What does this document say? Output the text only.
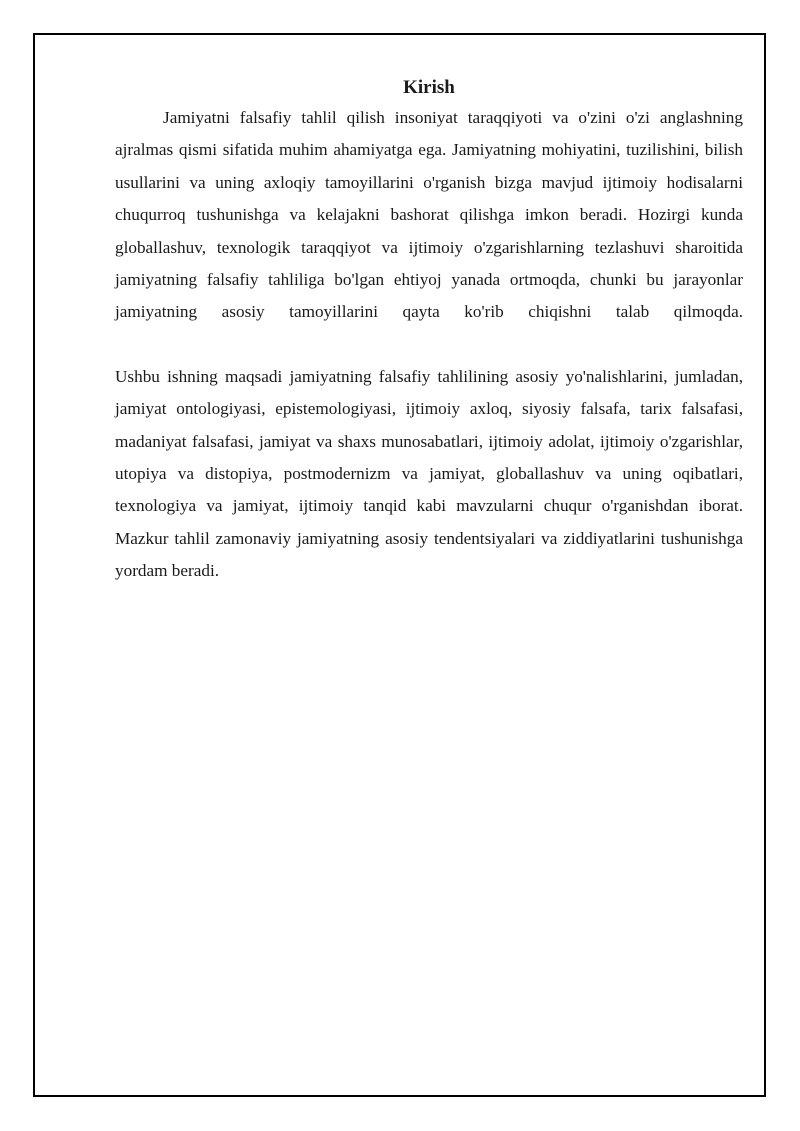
Kirish

Jamiyatni falsafiy tahlil qilish insoniyat taraqqiyoti va o'zini o'zi anglashning ajralmas qismi sifatida muhim ahamiyatga ega. Jamiyatning mohiyatini, tuzilishini, bilish usullarini va uning axloqiy tamoyillarini o'rganish bizga mavjud ijtimoiy hodisalarni chuqurroq tushunishga va kelajakni bashorat qilishga imkon beradi. Hozirgi kunda globallashuv, texnologik taraqqiyot va ijtimoiy o'zgarishlarning tezlashuvi sharoitida jamiyatning falsafiy tahliliga bo'lgan ehtiyoj yanada ortmoqda, chunki bu jarayonlar jamiyatning asosiy tamoyillarini qayta ko'rib chiqishni talab qilmoqda.

Ushbu ishning maqsadi jamiyatning falsafiy tahlilining asosiy yo'nalishlarini, jumladan, jamiyat ontologiyasi, epistemologiyasi, ijtimoiy axloq, siyosiy falsafa, tarix falsafasi, madaniyat falsafasi, jamiyat va shaxs munosabatlari, ijtimoiy adolat, ijtimoiy o'zgarishlar, utopiya va distopiya, postmodernizm va jamiyat, globallashuv va uning oqibatlari, texnologiya va jamiyat, ijtimoiy tanqid kabi mavzularni chuqur o'rganishdan iborat. Mazkur tahlil zamonaviy jamiyatning asosiy tendentsiyalari va ziddiyatlarini tushunishga yordam beradi.
